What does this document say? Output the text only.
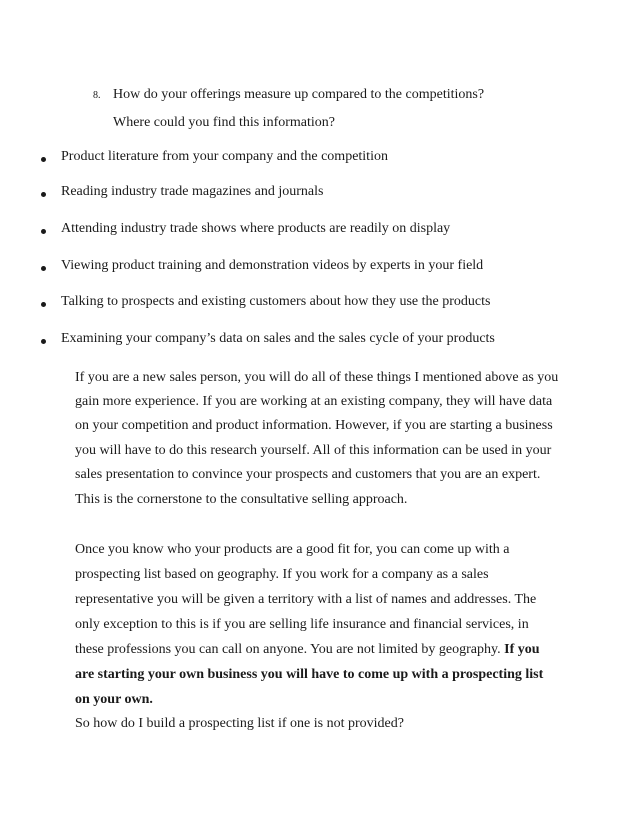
8. How do your offerings measure up compared to the competitions?
Where could you find this information?
Product literature from your company and the competition
Reading industry trade magazines and journals
Attending industry trade shows where products are readily on display
Viewing product training and demonstration videos by experts in your field
Talking to prospects and existing customers about how they use the products
Examining your company’s data on sales and the sales cycle of your products
If you are a new sales person, you will do all of these things I mentioned above as you
gain more experience. If you are working at an existing company, they will have data
on your competition and product information. However, if you are starting a business
you will have to do this research yourself. All of this information can be used in your
sales presentation to convince your prospects and customers that you are an expert.
This is the cornerstone to the consultative selling approach.
Once you know who your products are a good fit for, you can come up with a
prospecting list based on geography. If you work for a company as a sales
representative you will be given a territory with a list of names and addresses. The
only exception to this is if you are selling life insurance and financial services, in
these professions you can call on anyone. You are not limited by geography. If you
are starting your own business you will have to come up with a prospecting list
on your own.
So how do I build a prospecting list if one is not provided?
